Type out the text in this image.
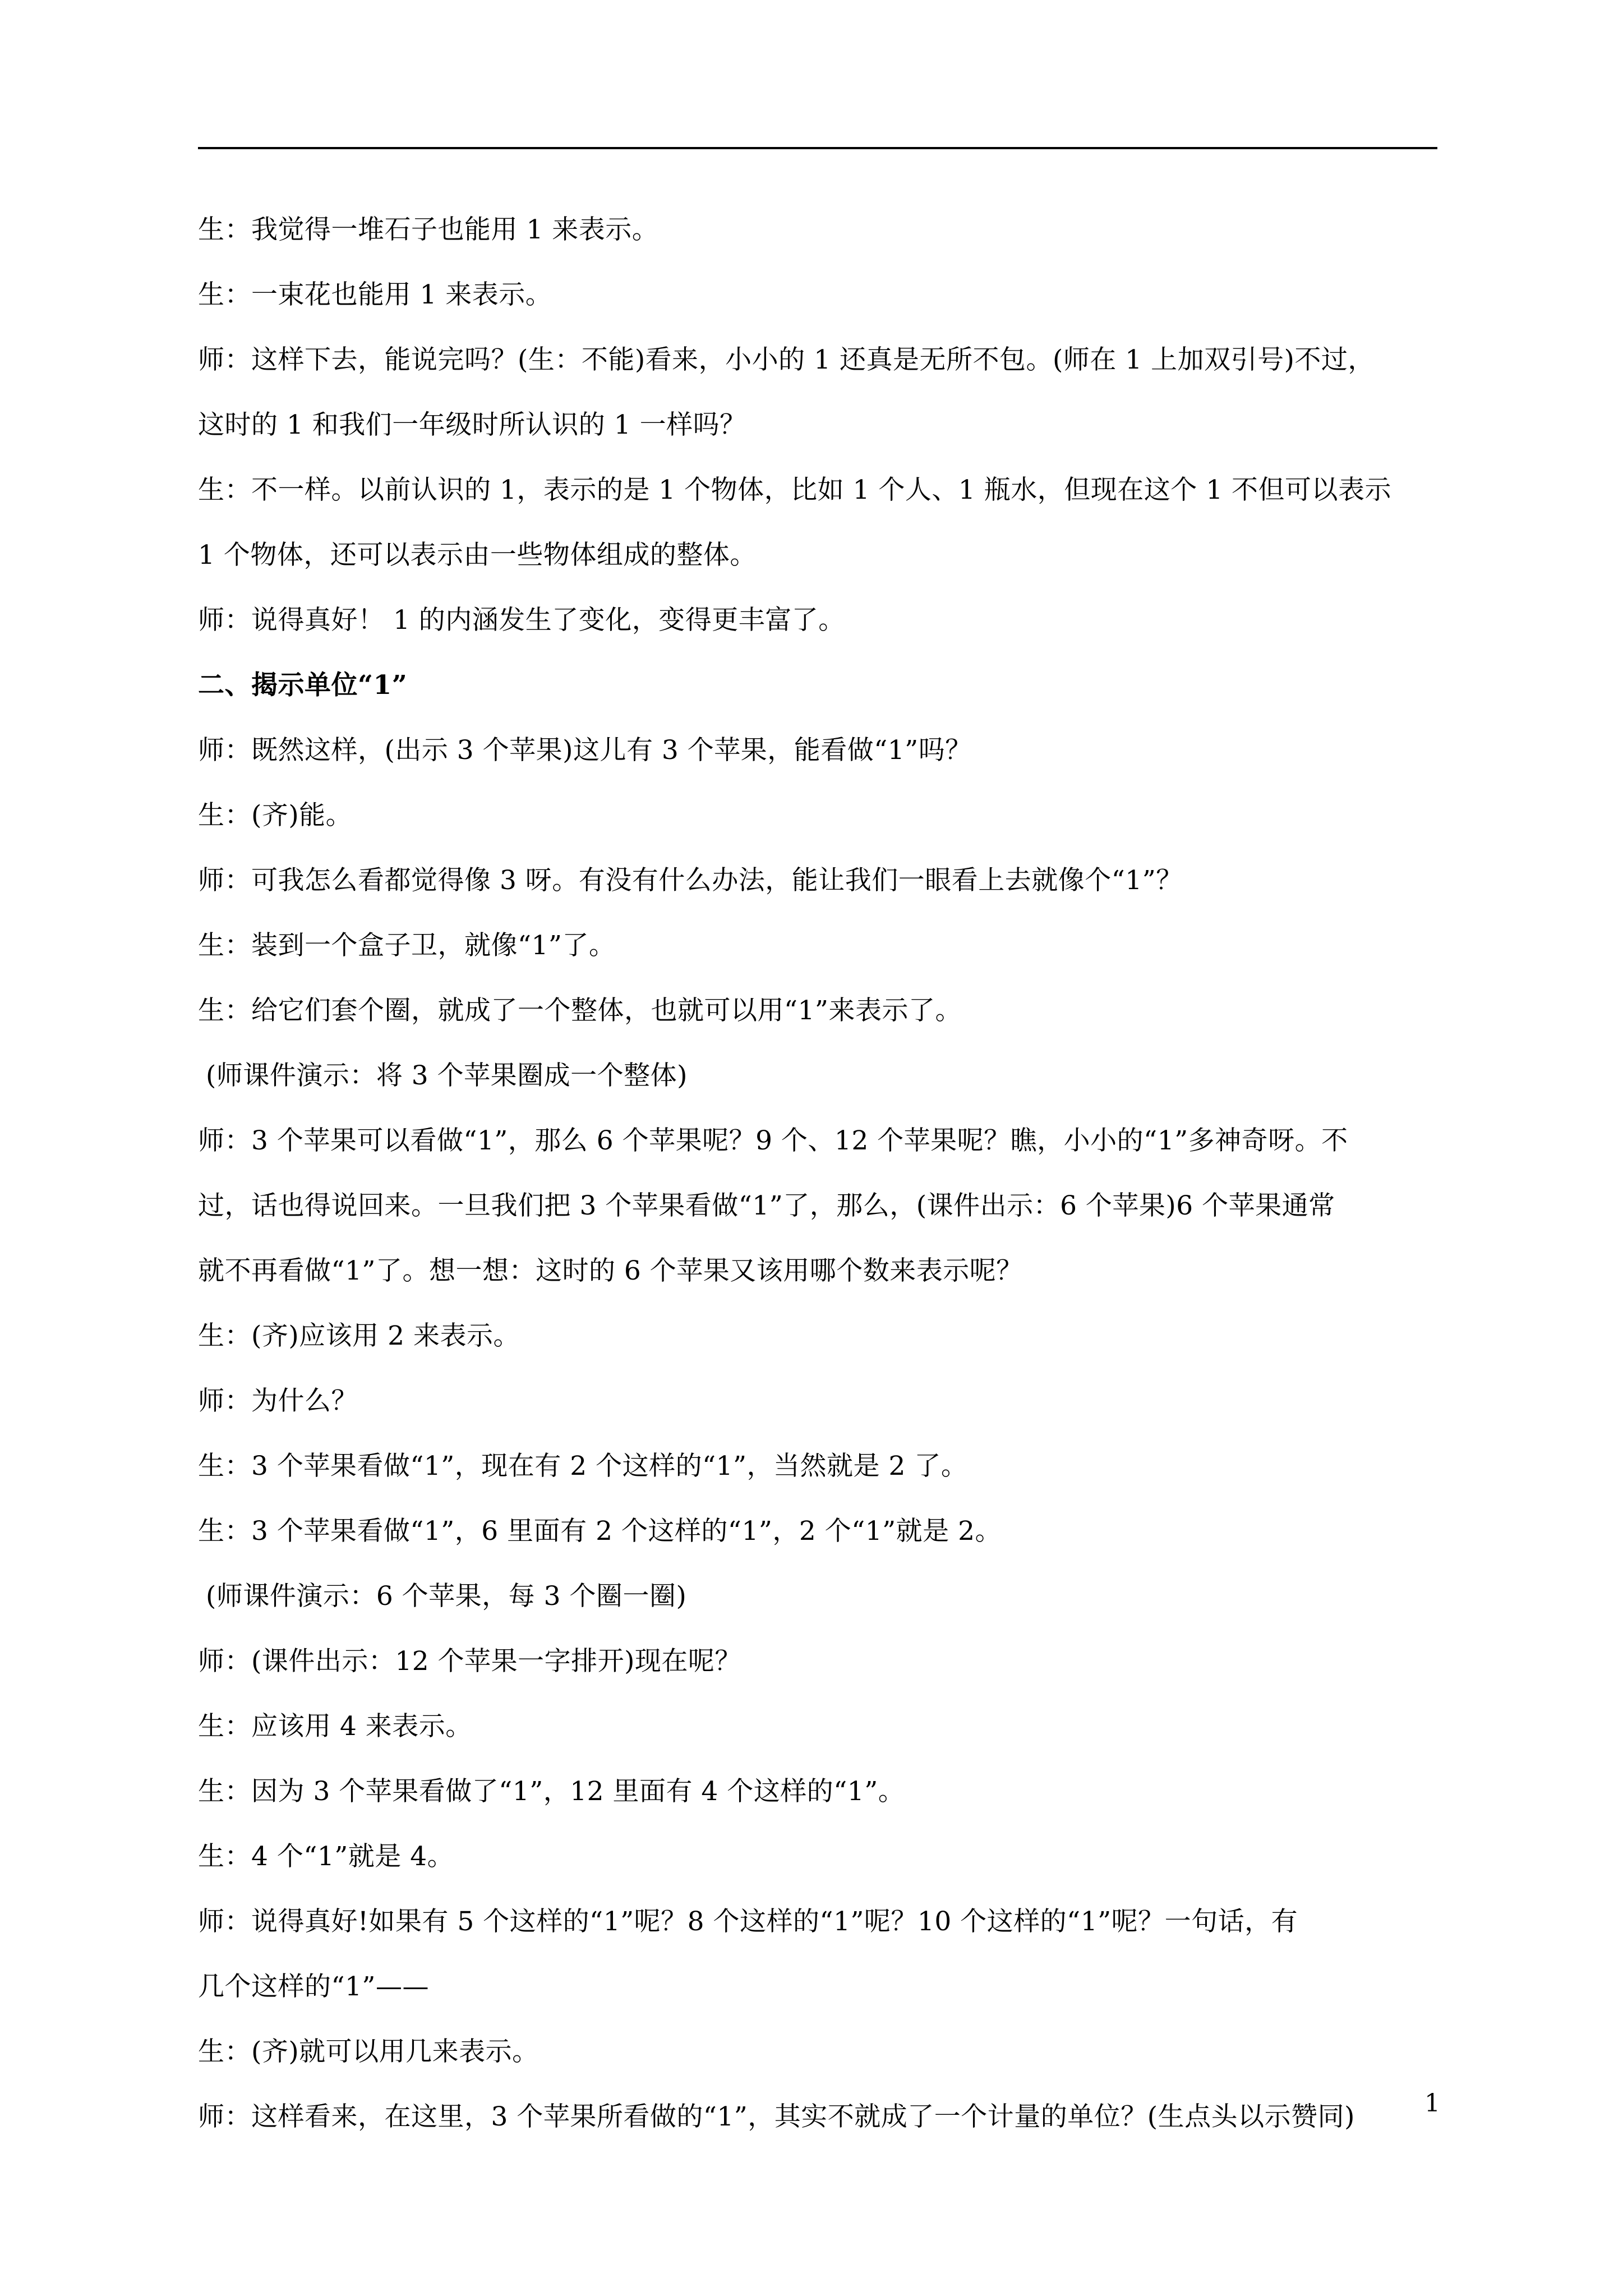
生：我觉得一堆石子也能用 1 来表示。
生：一束花也能用 1 来表示。
师：这样下去，能说完吗？(生：不能)看来，小小的 1 还真是无所不包。(师在 1 上加双引号)不过，
这时的 1 和我们一年级时所认识的 1 一样吗？
生：不一样。以前认识的 1，表示的是 1 个物体，比如 1 个人、1 瓶水，但现在这个 1 不但可以表示
1 个物体，还可以表示由一些物体组成的整体。
师：说得真好！ 1 的内涵发生了变化，变得更丰富了。
二、揭示单位“1”
师：既然这样，(出示 3 个苹果)这儿有 3 个苹果，能看做“1”吗？
生：(齐)能。
师：可我怎么看都觉得像 3 呀。有没有什么办法，能让我们一眼看上去就像个“1”？
生：装到一个盒子卫，就像“1”了。
生：给它们套个圈，就成了一个整体，也就可以用“1”来表示了。
(师课件演示：将 3 个苹果圈成一个整体)
师：3 个苹果可以看做“1”，那么 6 个苹果呢？9 个、12 个苹果呢？瞧，小小的“1”多神奇呀。不
过，话也得说回来。一旦我们把 3 个苹果看做“1”了，那么，(课件出示：6 个苹果)6 个苹果通常
就不再看做“1”了。想一想：这时的 6 个苹果又该用哪个数来表示呢？
生：(齐)应该用 2 来表示。
师：为什么？
生：3 个苹果看做“1”，现在有 2 个这样的“1”，当然就是 2 了。
生：3 个苹果看做“1”，6 里面有 2 个这样的“1”，2 个“1”就是 2。
(师课件演示：6 个苹果，每 3 个圈一圈)
师：(课件出示：12 个苹果一字排开)现在呢？
生：应该用 4 来表示。
生：因为 3 个苹果看做了“1”，12 里面有 4 个这样的“1”。
生：4 个“1”就是 4。
师：说得真好!如果有 5 个这样的“1”呢？8 个这样的“1”呢？10 个这样的“1”呢？一句话，有
几个这样的“1”——
生：(齐)就可以用几来表示。
师：这样看来，在这里，3 个苹果所看做的“1”，其实不就成了一个计量的单位？(生点头以示赞同)	1
